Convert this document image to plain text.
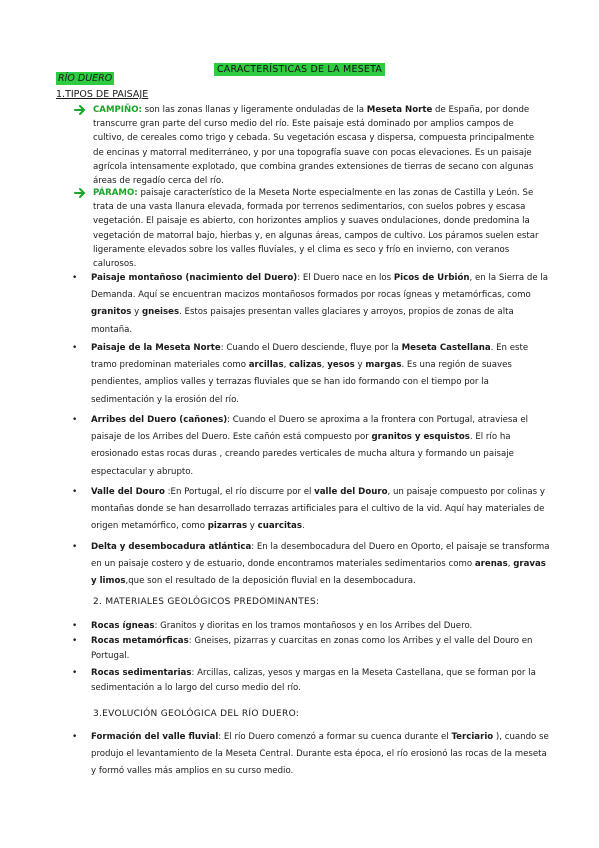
CARACTERÍSTICAS DE LA MESETA
RÍO DUERO
1.TIPOS DE PAISAJE
CAMPIÑO: son las zonas llanas y ligeramente onduladas de la Meseta Norte de España, por donde transcurre gran parte del curso medio del río. Este paisaje está dominado por amplios campos de cultivo, de cereales como trigo y cebada. Su vegetación escasa y dispersa, compuesta principalmente de encinas y matorral mediterráneo, y por una topografía suave con pocas elevaciones. Es un paisaje agrícola intensamente explotado, que combina grandes extensiones de tierras de secano con algunas áreas de regadío cerca del río.
PÁRAMO: paisaje característico de la Meseta Norte especialmente en las zonas de Castilla y León. Se trata de una vasta llanura elevada, formada por terrenos sedimentarios, con suelos pobres y escasa vegetación. El paisaje es abierto, con horizontes amplios y suaves ondulaciones, donde predomina la vegetación de matorral bajo, hierbas y, en algunas áreas, campos de cultivo. Los páramos suelen estar ligeramente elevados sobre los valles fluviales, y el clima es seco y frío en invierno, con veranos calurosos.
• Paisaje montañoso (nacimiento del Duero): El Duero nace en los Picos de Urbión, en la Sierra de la Demanda. Aquí se encuentran macizos montañosos formados por rocas ígneas y metamórficas, como granitos y gneises. Estos paisajes presentan valles glaciares y arroyos, propios de zonas de alta montaña.
• Paisaje de la Meseta Norte: Cuando el Duero desciende, fluye por la Meseta Castellana. En este tramo predominan materiales como arcillas, calizas, yesos y margas. Es una región de suaves pendientes, amplios valles y terrazas fluviales que se han ido formando con el tiempo por la sedimentación y la erosión del río.
• Arribes del Duero (cañones): Cuando el Duero se aproxima a la frontera con Portugal, atraviesa el paisaje de los Arribes del Duero. Este cañón está compuesto por granitos y esquistos. El río ha erosionado estas rocas duras , creando paredes verticales de mucha altura y formando un paisaje espectacular y abrupto.
• Valle del Douro :En Portugal, el río discurre por el valle del Douro, un paisaje compuesto por colinas y montañas donde se han desarrollado terrazas artificiales para el cultivo de la vid. Aquí hay materiales de origen metamórfico, como pizarras y cuarcitas.
• Delta y desembocadura atlántica: En la desembocadura del Duero en Oporto, el paisaje se transforma en un paisaje costero y de estuario, donde encontramos materiales sedimentarios como arenas, gravas y limos,que son el resultado de la deposición fluvial en la desembocadura.
2. MATERIALES GEOLÓGICOS PREDOMINANTES:
• Rocas ígneas: Granitos y dioritas en los tramos montañosos y en los Arribes del Duero.
• Rocas metamórficas: Gneises, pizarras y cuarcitas en zonas como los Arribes y el valle del Douro en Portugal.
• Rocas sedimentarias: Arcillas, calizas, yesos y margas en la Meseta Castellana, que se forman por la sedimentación a lo largo del curso medio del río.
3.EVOLUCIÓN GEOLÓGICA DEL RÍO DUERO:
• Formación del valle fluvial: El río Duero comenzó a formar su cuenca durante el Terciario ), cuando se produjo el levantamiento de la Meseta Central. Durante esta época, el río erosionó las rocas de la meseta y formó valles más amplios en su curso medio.
